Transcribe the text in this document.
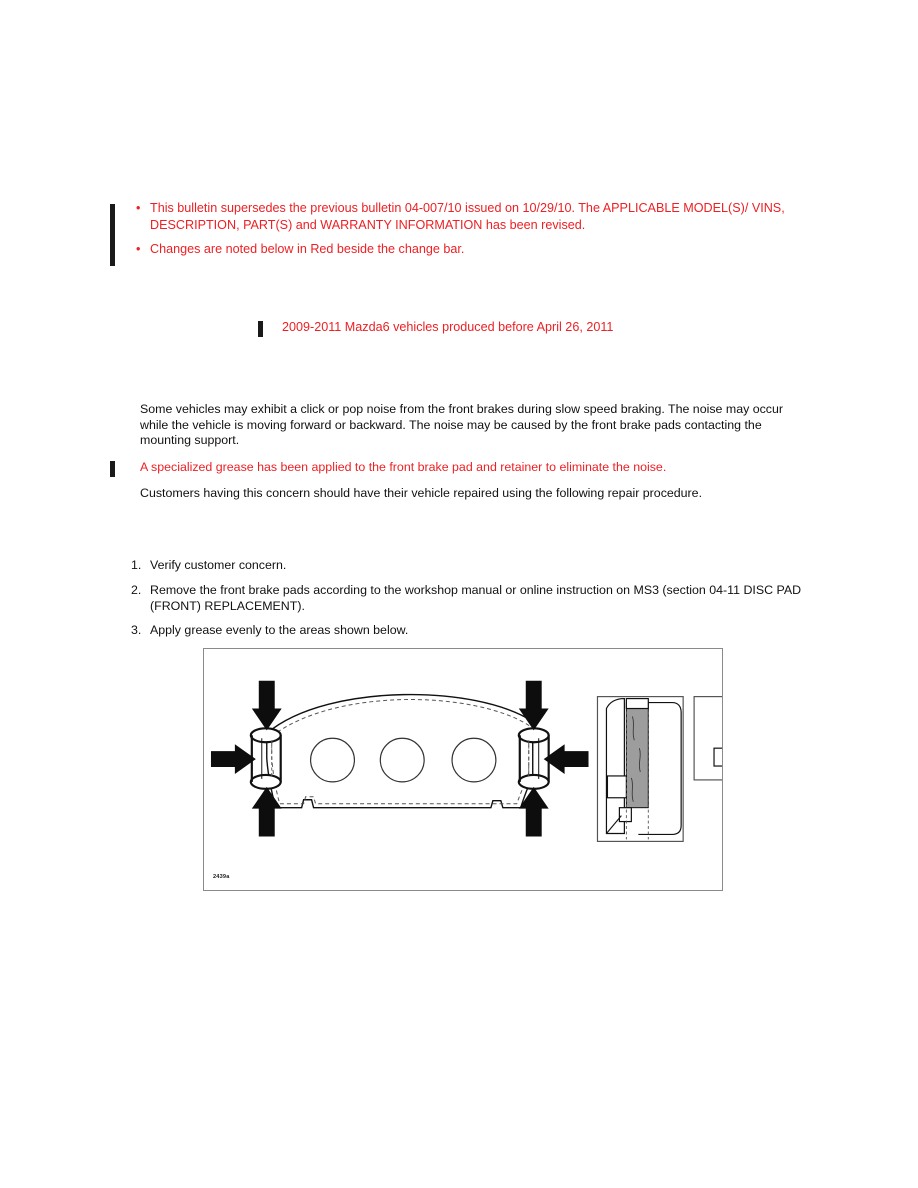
• This bulletin supersedes the previous bulletin 04-007/10 issued on 10/29/10. The APPLICABLE MODEL(S)/ VINS, DESCRIPTION, PART(S) and WARRANTY INFORMATION has been revised.
• Changes are noted below in Red beside the change bar.
2009-2011 Mazda6 vehicles produced before April 26, 2011

Some vehicles may exhibit a click or pop noise from the front brakes during slow speed braking. The noise may occur while the vehicle is moving forward or backward. The noise may be caused by the front brake pads contacting the mounting support.

A specialized grease has been applied to the front brake pad and retainer to eliminate the noise.

Customers having this concern should have their vehicle repaired using the following repair procedure.

1. Verify customer concern.
2. Remove the front brake pads according to the workshop manual or online instruction on MS3 (section 04-11 DISC PAD (FRONT) REPLACEMENT).
3. Apply grease evenly to the areas shown below.
2439a
